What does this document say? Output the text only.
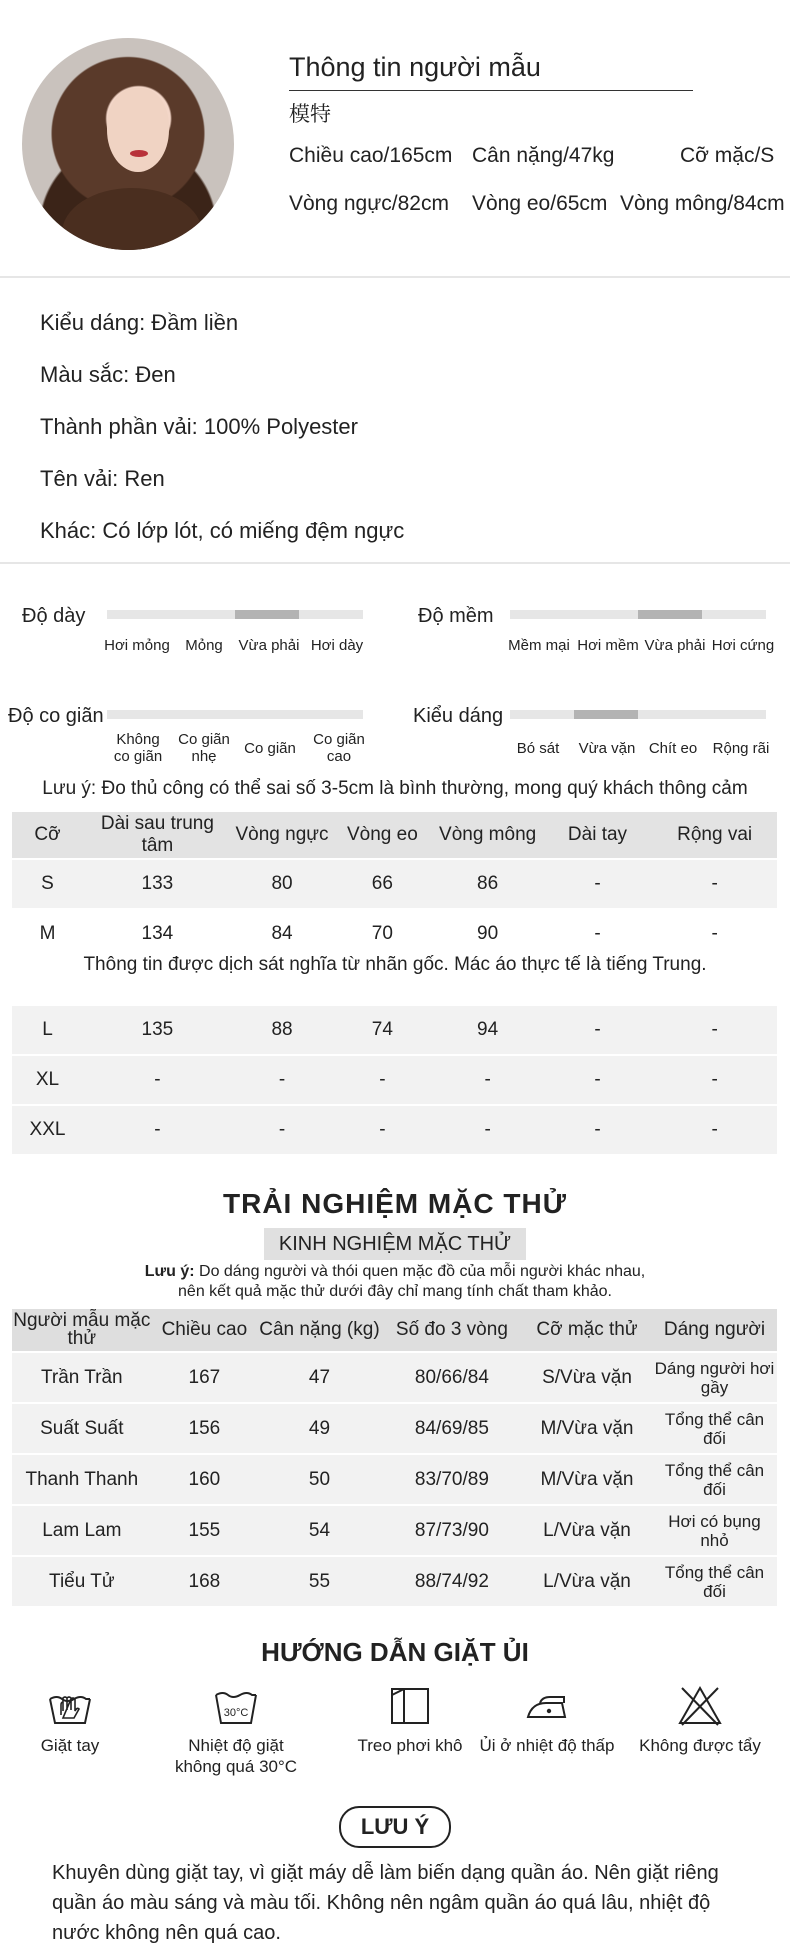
Thông tin người mẫu
模特
Chiều cao/165cm Cân nặng/47kg	Cỡ mặc/S
Vòng ngực/82cm Vòng eo/65cm Vòng mông/84cm
Kiểu dáng: Đầm liền
Màu sắc: Đen
Thành phần vải: 100% Polyester
Tên vải: Ren
Khác: Có lớp lót, có miếng đệm ngực
Độ dày
Hơi mỏng	Mỏng	Vừa phải Hơi dày
Độ mềm
Mềm mại Hơi mềm Vừa phải Hơi cứng
Độ co giãn
Không co giãn
Co giãn nhẹ	Co giãn
Co giãn cao
Kiểu dáng
Bó sát	Vừa vặn Chít eo	Rộng rãi
Lưu ý: Đo thủ công có thể sai số 3-5cm là bình thường, mong quý khách thông cảm
Cỡ	Dài sau trung tâm	Vòng ngực	Vòng eo	Vòng mông	Dài tay	Rộng vai
S	133	80	66	86	-	-
M	134	84	70	90	-	-

L	135	88	74	94	-	-
XL	-	-	-	-	-	-
XXL	-	-	-	-	-	-
Thông tin được dịch sát nghĩa từ nhãn gốc. Mác áo thực tế là tiếng Trung.
TRẢI NGHIỆM MẶC THỬ
KINH NGHIỆM MẶC THỬ
Lưu ý: Do dáng người và thói quen mặc đồ của mỗi người khác nhau,
nên kết quả mặc thử dưới đây chỉ mang tính chất tham khảo.
Người mẫu mặc thử	Chiều cao	Cân nặng (kg)	Số đo 3 vòng	Cỡ mặc thử	Dáng người
Trần Trần	167	47	80/66/84	S/Vừa vặn	Dáng người hơi gầy
Suất Suất	156	49	84/69/85	M/Vừa vặn	Tổng thể cân đối
Thanh Thanh	160	50	83/70/89	M/Vừa vặn	Tổng thể cân đối
Lam Lam	155	54	87/73/90	L/Vừa vặn	Hơi có bụng nhỏ
Tiểu Tử	168	55	88/74/92	L/Vừa vặn	Tổng thể cân đối
HƯỚNG DẪN GIẶT ỦI
30°C
Giặt tay	Nhiệt độ giặt không quá 30°C
Treo phơi khô	Ủi ở nhiệt độ thấp	Không được tẩy
LƯU Ý
Khuyên dùng giặt tay, vì giặt máy dễ làm biến dạng quần áo. Nên giặt riêng quần áo màu sáng và màu tối. Không nên ngâm quần áo quá lâu, nhiệt độ nước không nên quá cao.
